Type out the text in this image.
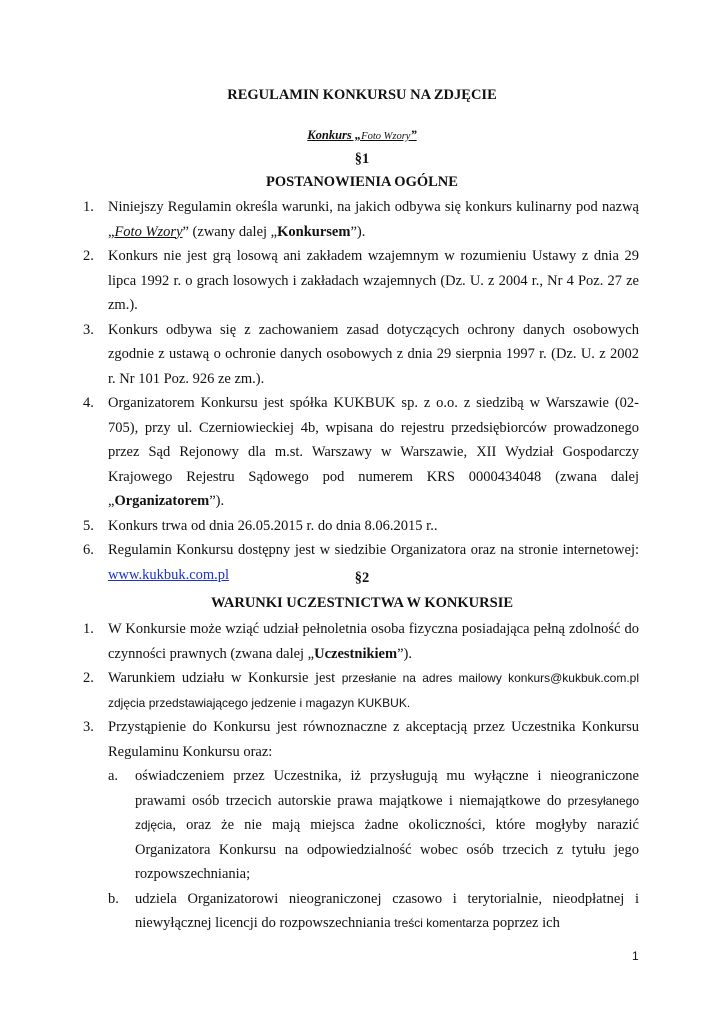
REGULAMIN KONKURSU NA ZDJĘCIE
Konkurs „Foto Wzory”
§1
POSTANOWIENIA OGÓLNE
1. Niniejszy Regulamin określa warunki, na jakich odbywa się konkurs kulinarny pod nazwą „Foto Wzory” (zwany dalej „Konkursem”).
2. Konkurs nie jest grą losową ani zakładem wzajemnym w rozumieniu Ustawy z dnia 29 lipca 1992 r. o grach losowych i zakładach wzajemnych (Dz. U. z 2004 r., Nr 4 Poz. 27 ze zm.).
3. Konkurs odbywa się z zachowaniem zasad dotyczących ochrony danych osobowych zgodnie z ustawą o ochronie danych osobowych z dnia 29 sierpnia 1997 r. (Dz. U. z 2002 r. Nr 101 Poz. 926 ze zm.).
4. Organizatorem Konkursu jest spółka KUKBUK sp. z o.o. z siedzibą w Warszawie (02-705), przy ul. Czerniowieckiej 4b, wpisana do rejestru przedsiębiorców prowadzonego przez Sąd Rejonowy dla m.st. Warszawy w Warszawie, XII Wydział Gospodarczy Krajowego Rejestru Sądowego pod numerem KRS 0000434048 (zwana dalej „Organizatorem”).
5. Konkurs trwa od dnia 26.05.2015 r. do dnia 8.06.2015 r..
6. Regulamin Konkursu dostępny jest w siedzibie Organizatora oraz na stronie internetowej: www.kukbuk.com.pl	§2
WARUNKI UCZESTNICTWA W KONKURSIE
1. W Konkursie może wziąć udział pełnoletnia osoba fizyczna posiadająca pełną zdolność do czynności prawnych (zwana dalej „Uczestnikiem”).
2. Warunkiem udziału w Konkursie jest przesłanie na adres mailowy konkurs@kukbuk.com.pl zdjęcia przedstawiającego jedzenie i magazyn KUKBUK.
3. Przystąpienie do Konkursu jest równoznaczne z akceptacją przez Uczestnika Konkursu Regulaminu Konkursu oraz:
a. oświadczeniem przez Uczestnika, iż przysługują mu wyłączne i nieograniczone prawami osób trzecich autorskie prawa majątkowe i niemajątkowe do przesyłanego zdjęcia, oraz że nie mają miejsca żadne okoliczności, które mogłyby narazić Organizatora Konkursu na odpowiedzialność wobec osób trzecich z tytułu jego rozpowszechniania;
b. udziela Organizatorowi nieograniczonej czasowo i terytorialnie, nieodpłatnej i niewyłącznej licencji do rozpowszechniania treści komentarza poprzez ich
1
